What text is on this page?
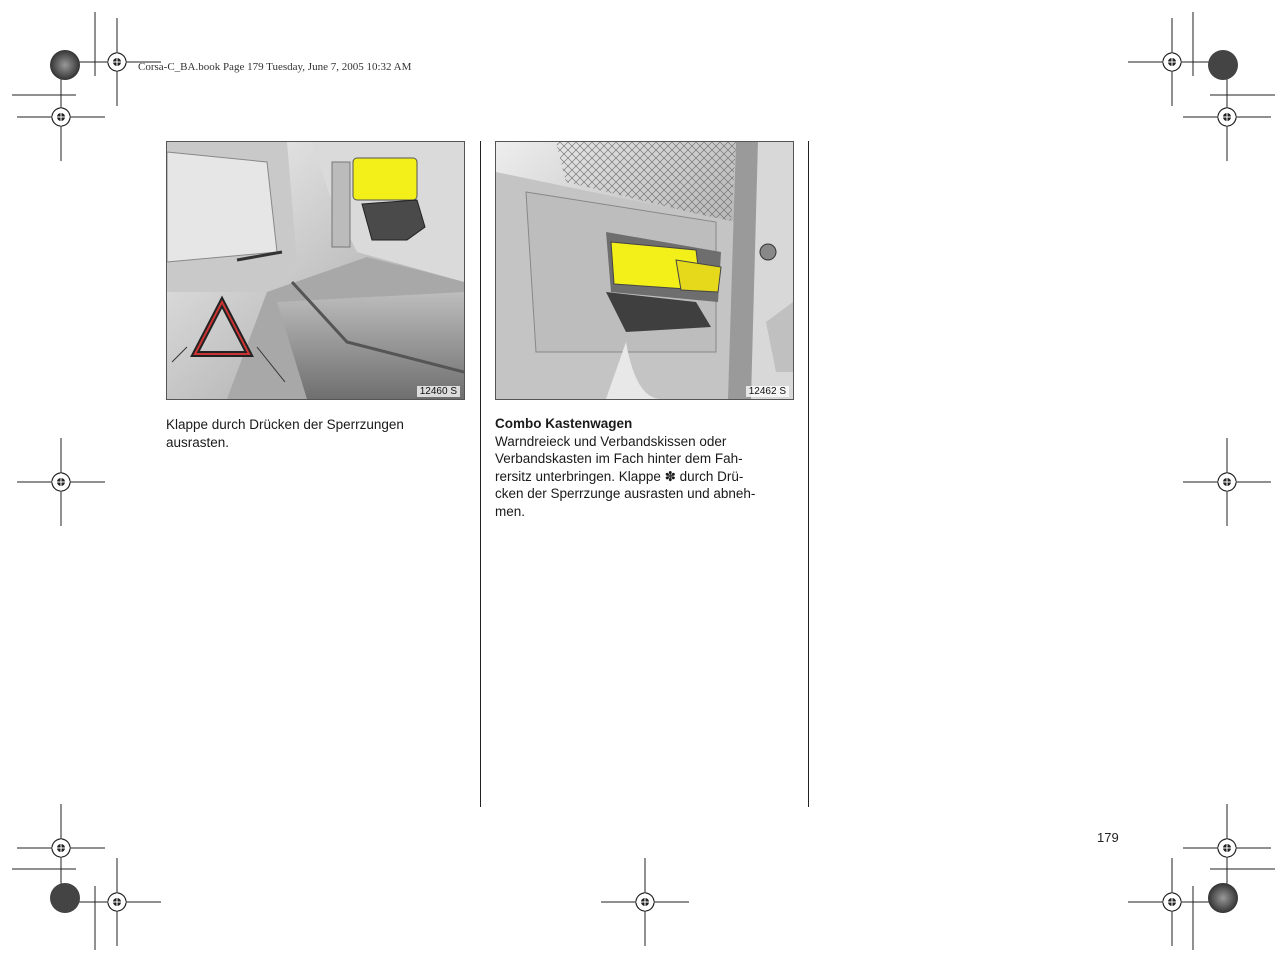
Corsa-C_BA.book Page 179 Tuesday, June 7, 2005 10:32 AM
12460 S	12462 S
Klappe durch Drücken der Sperrzungen
ausrasten.
Combo Kastenwagen
Warndreieck und Verbandskissen oder
Verbandskasten im Fach hinter dem Fah-
rersitz unterbringen. Klappe ✽ durch Drü-
cken der Sperrzunge ausrasten und abneh-
men.
179
